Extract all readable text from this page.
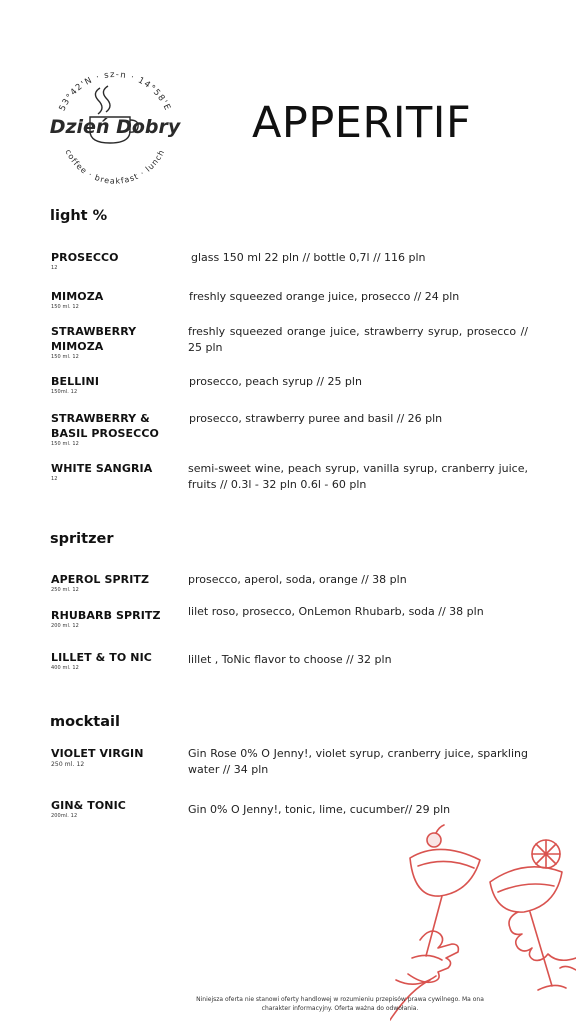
53°42'N · sz-n · 14°58'E
Dzień Dobry
coffee · breakfast · lunch
APPERITIF
light %
PROSECCO
12
glass 150 ml 22 pln // bottle 0,7l // 116 pln
MIMOZA
150 ml. 12
freshly squeezed orange juice, prosecco // 24 pln
STRAWBERRY MIMOZA
150 ml. 12
freshly squeezed orange juice, strawberry syrup, prosecco // 25 pln
BELLINI
150ml. 12
prosecco, peach syrup // 25 pln
STRAWBERRY & BASIL PROSECCO
150 ml. 12
prosecco, strawberry puree and basil // 26 pln
WHITE SANGRIA
12
semi-sweet wine, peach syrup, vanilla syrup, cranberry juice, fruits // 0.3l - 32 pln 0.6l - 60 pln
spritzer
APEROL SPRITZ
250 ml. 12
prosecco, aperol, soda, orange // 38 pln
RHUBARB SPRITZ
200 ml. 12
lilet roso, prosecco, OnLemon Rhubarb, soda // 38 pln
LILLET & TO NIC
400 ml. 12
lillet , ToNic flavor to choose // 32 pln
mocktail
VIOLET VIRGIN
250 ml. 12
Gin Rose 0% O Jenny!, violet syrup, cranberry juice, sparkling water // 34 pln
GIN& TONIC
200ml. 12	Gin 0% O Jenny!, tonic, lime, cucumber// 29 pln
Niniejsza oferta nie stanowi oferty handlowej w rozumieniu przepisów prawa cywilnego. Ma ona charakter informacyjny. Oferta ważna do odwołania.
